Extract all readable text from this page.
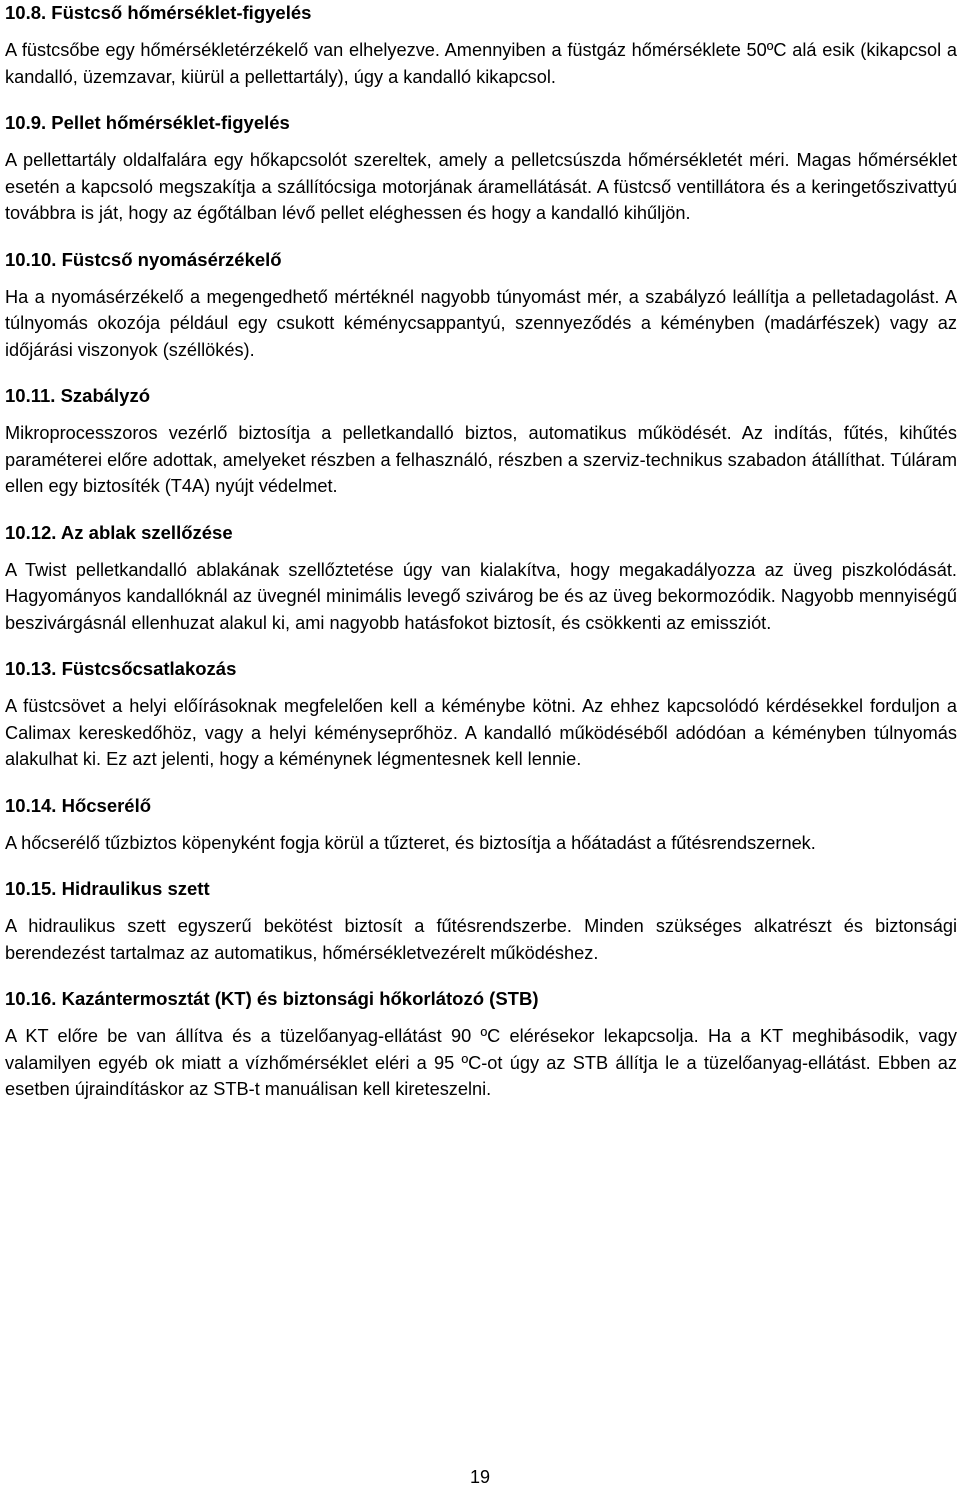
10.8. Füstcső hőmérséklet-figyelés

A füstcsőbe egy hőmérsékletérzékelő van elhelyezve. Amennyiben a füstgáz hőmérséklete 50ºC alá esik (kikapcsol a kandalló, üzemzavar, kiürül a pellettartály), úgy a kandalló kikapcsol.

10.9. Pellet hőmérséklet-figyelés

A pellettartály oldalfalára egy hőkapcsolót szereltek, amely a pelletcsúszda hőmérsékletét méri. Magas hőmérséklet esetén a kapcsoló megszakítja a szállítócsiga motorjának áramellátását. A füstcső ventillátora és a keringetőszivattyú továbbra is ját, hogy az égőtálban lévő pellet eléghessen és hogy a kandalló kihűljön.

10.10. Füstcső nyomásérzékelő

Ha a nyomásérzékelő a megengedhető mértéknél nagyobb túnyomást mér, a szabályzó leállítja a pelletadagolást. A túlnyomás okozója például egy csukott kéménycsappantyú, szennyeződés a kéményben (madárfészek) vagy az időjárási viszonyok (széllökés).

10.11. Szabályzó

Mikroprocesszoros vezérlő biztosítja a pelletkandalló biztos, automatikus működését. Az indítás, fűtés, kihűtés paraméterei előre adottak, amelyeket részben a felhasználó, részben a szerviz-technikus szabadon átállíthat. Túláram ellen egy biztosíték (T4A) nyújt védelmet.

10.12. Az ablak szellőzése

A Twist pelletkandalló ablakának szellőztetése úgy van kialakítva, hogy megakadályozza az üveg piszkolódását. Hagyományos kandallóknál az üvegnél minimális levegő szivárog be és az üveg bekormozódik. Nagyobb mennyiségű beszivárgásnál ellenhuzat alakul ki, ami nagyobb hatásfokot biztosít, és csökkenti az emissziót.

10.13. Füstcsőcsatlakozás

A füstcsövet a helyi előírásoknak megfelelően kell a kéménybe kötni. Az ehhez kapcsolódó kérdésekkel forduljon a Calimax kereskedőhöz, vagy a helyi kéményseprőhöz. A kandalló működéséből adódóan a kéményben túlnyomás alakulhat ki. Ez azt jelenti, hogy a kéménynek légmentesnek kell lennie.

10.14. Hőcserélő

A hőcserélő tűzbiztos köpenyként fogja körül a tűzteret, és biztosítja a hőátadást a fűtésrendszernek.

10.15. Hidraulikus szett

A hidraulikus szett egyszerű bekötést biztosít a fűtésrendszerbe. Minden szükséges alkatrészt és biztonsági berendezést tartalmaz az automatikus, hőmérsékletvezérelt működéshez.

10.16. Kazántermosztát (KT) és biztonsági hőkorlátozó (STB)

A KT előre be van állítva és a tüzelőanyag-ellátást 90 ºC elérésekor lekapcsolja. Ha a KT meghibásodik, vagy valamilyen egyéb ok miatt a vízhőmérséklet eléri a 95 ºC-ot úgy az STB állítja le a tüzelőanyag-ellátást. Ebben az esetben újraindításkor az STB-t manuálisan kell kireteszelni.

19
